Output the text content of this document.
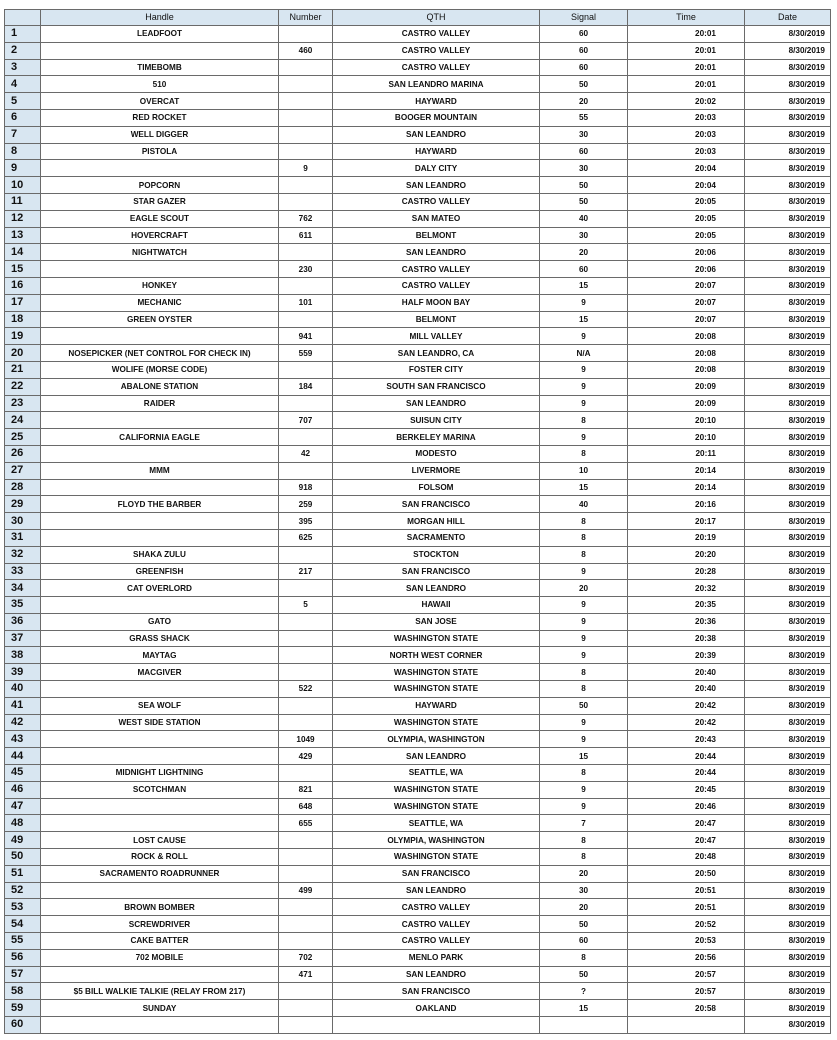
	Handle	Number	QTH	Signal	Time	Date
1	LEADFOOT		CASTRO VALLEY	60	20:01	8/30/2019
2		460	CASTRO VALLEY	60	20:01	8/30/2019
3	TIMEBOMB		CASTRO VALLEY	60	20:01	8/30/2019
4	510		SAN LEANDRO MARINA	50	20:01	8/30/2019
5	OVERCAT		HAYWARD	20	20:02	8/30/2019
6	RED ROCKET		BOOGER MOUNTAIN	55	20:03	8/30/2019
7	WELL DIGGER		SAN LEANDRO	30	20:03	8/30/2019
8	PISTOLA		HAYWARD	60	20:03	8/30/2019
9		9	DALY CITY	30	20:04	8/30/2019
10	POPCORN		SAN LEANDRO	50	20:04	8/30/2019
11	STAR GAZER		CASTRO VALLEY	50	20:05	8/30/2019
12	EAGLE SCOUT	762	SAN MATEO	40	20:05	8/30/2019
13	HOVERCRAFT	611	BELMONT	30	20:05	8/30/2019
14	NIGHTWATCH		SAN LEANDRO	20	20:06	8/30/2019
15		230	CASTRO VALLEY	60	20:06	8/30/2019
16	HONKEY		CASTRO VALLEY	15	20:07	8/30/2019
17	MECHANIC	101	HALF MOON BAY	9	20:07	8/30/2019
18	GREEN OYSTER		BELMONT	15	20:07	8/30/2019
19		941	MILL VALLEY	9	20:08	8/30/2019
20	NOSEPICKER (NET CONTROL FOR CHECK IN)	559	SAN LEANDRO, CA	N/A	20:08	8/30/2019
21	WOLIFE (MORSE CODE)		FOSTER CITY	9	20:08	8/30/2019
22	ABALONE STATION	184	SOUTH SAN FRANCISCO	9	20:09	8/30/2019
23	RAIDER		SAN LEANDRO	9	20:09	8/30/2019
24		707	SUISUN CITY	8	20:10	8/30/2019
25	CALIFORNIA EAGLE		BERKELEY MARINA	9	20:10	8/30/2019
26		42	MODESTO	8	20:11	8/30/2019
27	MMM		LIVERMORE	10	20:14	8/30/2019
28		918	FOLSOM	15	20:14	8/30/2019
29	FLOYD THE BARBER	259	SAN FRANCISCO	40	20:16	8/30/2019
30		395	MORGAN HILL	8	20:17	8/30/2019
31		625	SACRAMENTO	8	20:19	8/30/2019
32	SHAKA ZULU		STOCKTON	8	20:20	8/30/2019
33	GREENFISH	217	SAN FRANCISCO	9	20:28	8/30/2019
34	CAT OVERLORD		SAN LEANDRO	20	20:32	8/30/2019
35		5	HAWAII	9	20:35	8/30/2019
36	GATO		SAN JOSE	9	20:36	8/30/2019
37	GRASS SHACK		WASHINGTON STATE	9	20:38	8/30/2019
38	MAYTAG		NORTH WEST CORNER	9	20:39	8/30/2019
39	MACGIVER		WASHINGTON STATE	8	20:40	8/30/2019
40		522	WASHINGTON STATE	8	20:40	8/30/2019
41	SEA WOLF		HAYWARD	50	20:42	8/30/2019
42	WEST SIDE STATION		WASHINGTON STATE	9	20:42	8/30/2019
43		1049	OLYMPIA, WASHINGTON	9	20:43	8/30/2019
44		429	SAN LEANDRO	15	20:44	8/30/2019
45	MIDNIGHT LIGHTNING		SEATTLE, WA	8	20:44	8/30/2019
46	SCOTCHMAN	821	WASHINGTON STATE	9	20:45	8/30/2019
47		648	WASHINGTON STATE	9	20:46	8/30/2019
48		655	SEATTLE, WA	7	20:47	8/30/2019
49	LOST CAUSE		OLYMPIA, WASHINGTON	8	20:47	8/30/2019
50	ROCK & ROLL		WASHINGTON STATE	8	20:48	8/30/2019
51	SACRAMENTO ROADRUNNER		SAN FRANCISCO	20	20:50	8/30/2019
52		499	SAN LEANDRO	30	20:51	8/30/2019
53	BROWN BOMBER		CASTRO VALLEY	20	20:51	8/30/2019
54	SCREWDRIVER		CASTRO VALLEY	50	20:52	8/30/2019
55	CAKE BATTER		CASTRO VALLEY	60	20:53	8/30/2019
56	702 MOBILE	702	MENLO PARK	8	20:56	8/30/2019
57		471	SAN LEANDRO	50	20:57	8/30/2019
58	$5 BILL WALKIE TALKIE (RELAY FROM 217)		SAN FRANCISCO	?	20:57	8/30/2019
59	SUNDAY		OAKLAND	15	20:58	8/30/2019
60						8/30/2019
